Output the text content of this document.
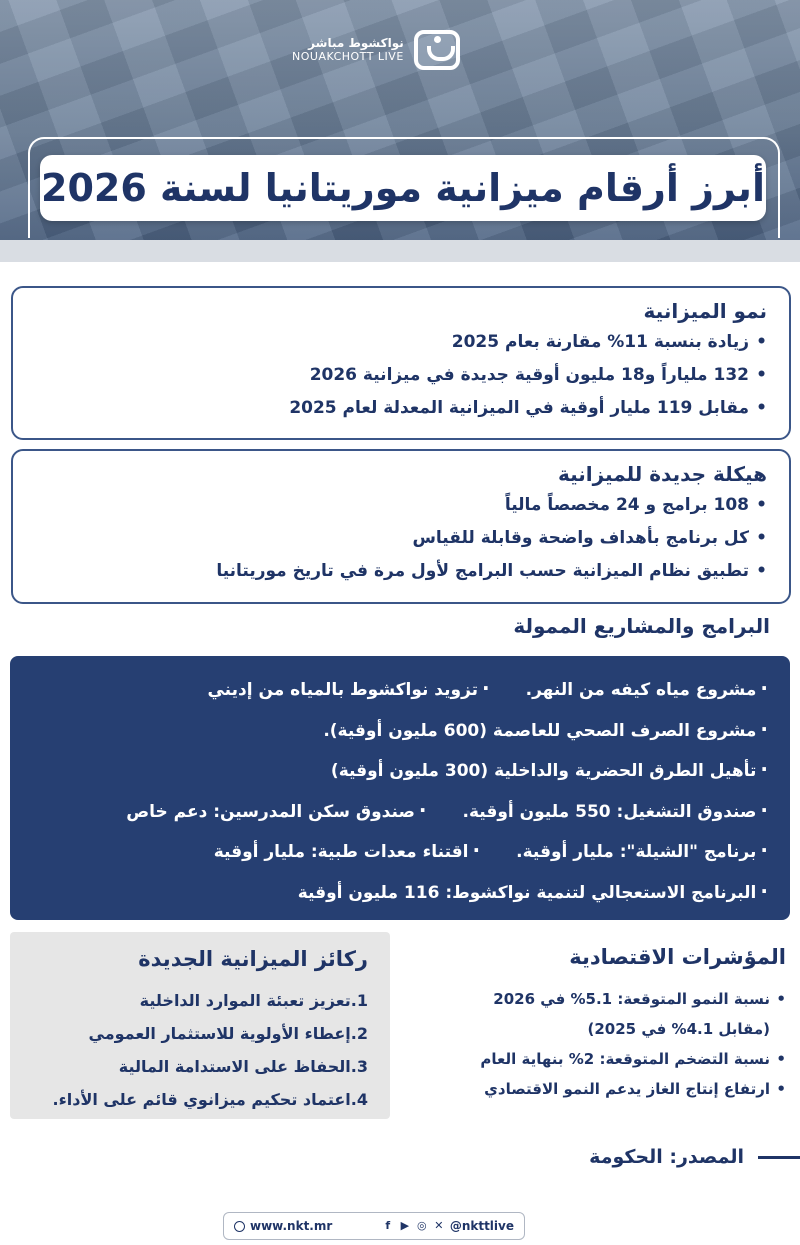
نواكشوط مباشر
NOUAKCHOTT LIVE
أبرز أرقام ميزانية موريتانيا لسنة 2026
نمو الميزانية
• زيادة بنسبة 11% مقارنة بعام 2025
• 132 ملياراً و18 مليون أوقية جديدة في ميزانية 2026
• مقابل 119 مليار أوقية في الميزانية المعدلة لعام 2025
هيكلة جديدة للميزانية
• 108 برامج و 24 مخصصاً مالياً
• كل برنامج بأهداف واضحة وقابلة للقياس
• تطبيق نظام الميزانية حسب البرامج لأول مرة في تاريخ موريتانيا
البرامج والمشاريع الممولة
· مشروع مياه كيفه من النهر.
· تزويد نواكشوط بالمياه من إديني
· مشروع الصرف الصحي للعاصمة (600 مليون أوقية).
· تأهيل الطرق الحضرية والداخلية (300 مليون أوقية)
· صندوق التشغيل: 550 مليون أوقية.
· صندوق سكن المدرسين: دعم خاص
· برنامج "الشيلة": مليار أوقية.
· اقتناء معدات طبية: مليار أوقية
· البرنامج الاستعجالي لتنمية نواكشوط: 116 مليون أوقية
ركائز الميزانية الجديدة
1.تعزيز تعبئة الموارد الداخلية
2.إعطاء الأولوية للاستثمار العمومي
3.الحفاظ على الاستدامة المالية
4.اعتماد تحكيم ميزانوي قائم على الأداء.
المؤشرات الاقتصادية
• نسبة النمو المتوقعة: 5.1% في 2026
(مقابل 4.1% في 2025)
• نسبة التضخم المتوقعة: 2% بنهاية العام
• ارتفاع إنتاج الغاز يدعم النمو الاقتصادي
المصدر: الحكومة
www.nkt.mr	f ▶ ◎ ✕ @nkttlive
